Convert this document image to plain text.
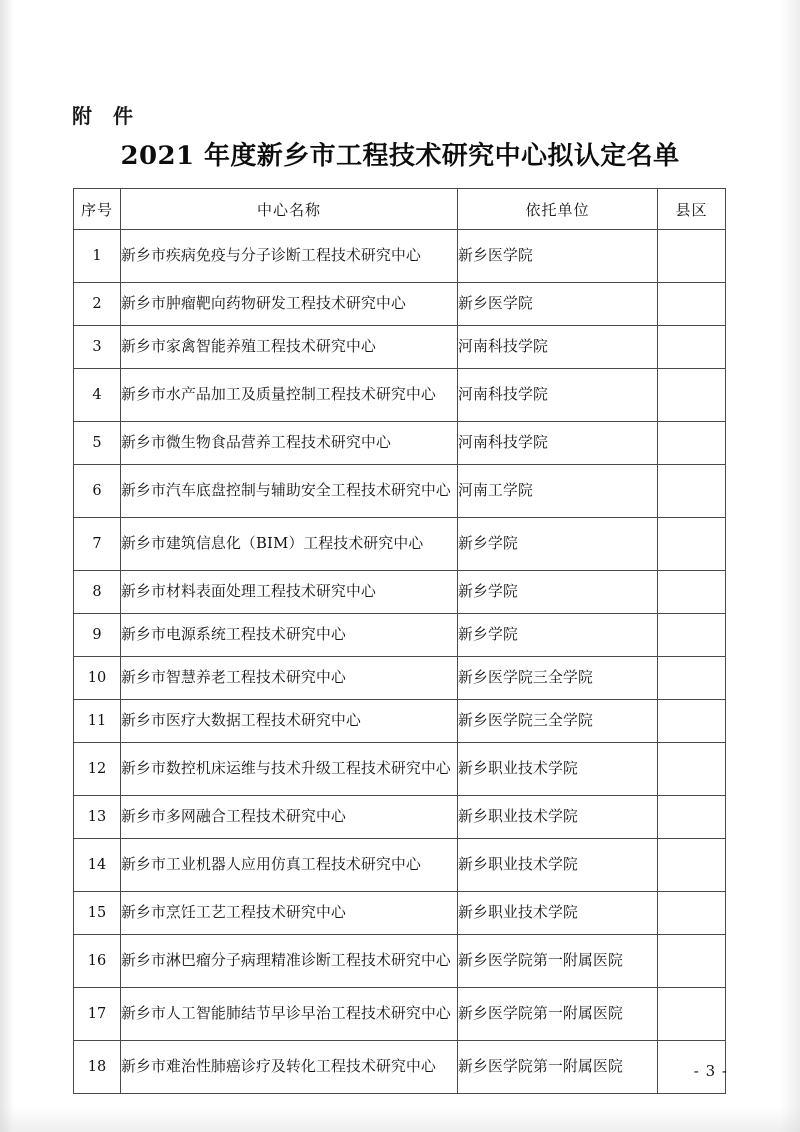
附 件
2021 年度新乡市工程技术研究中心拟认定名单
序号	中心名称	依托单位	县区
1	新乡市疾病免疫与分子诊断工程技术研究中心	新乡医学院	
2	新乡市肿瘤靶向药物研发工程技术研究中心	新乡医学院	
3	新乡市家禽智能养殖工程技术研究中心	河南科技学院	
4	新乡市水产品加工及质量控制工程技术研究中心	河南科技学院	
5	新乡市微生物食品营养工程技术研究中心	河南科技学院	
6	新乡市汽车底盘控制与辅助安全工程技术研究中心	河南工学院	
7	新乡市建筑信息化（BIM）工程技术研究中心	新乡学院	
8	新乡市材料表面处理工程技术研究中心	新乡学院	
9	新乡市电源系统工程技术研究中心	新乡学院	
10	新乡市智慧养老工程技术研究中心	新乡医学院三全学院	
11	新乡市医疗大数据工程技术研究中心	新乡医学院三全学院	
12	新乡市数控机床运维与技术升级工程技术研究中心	新乡职业技术学院	
13	新乡市多网融合工程技术研究中心	新乡职业技术学院	
14	新乡市工业机器人应用仿真工程技术研究中心	新乡职业技术学院	
15	新乡市烹饪工艺工程技术研究中心	新乡职业技术学院	
16	新乡市淋巴瘤分子病理精准诊断工程技术研究中心	新乡医学院第一附属医院	
17	新乡市人工智能肺结节早诊早治工程技术研究中心	新乡医学院第一附属医院	
18	新乡市难治性肺癌诊疗及转化工程技术研究中心	新乡医学院第一附属医院		- 3 -
